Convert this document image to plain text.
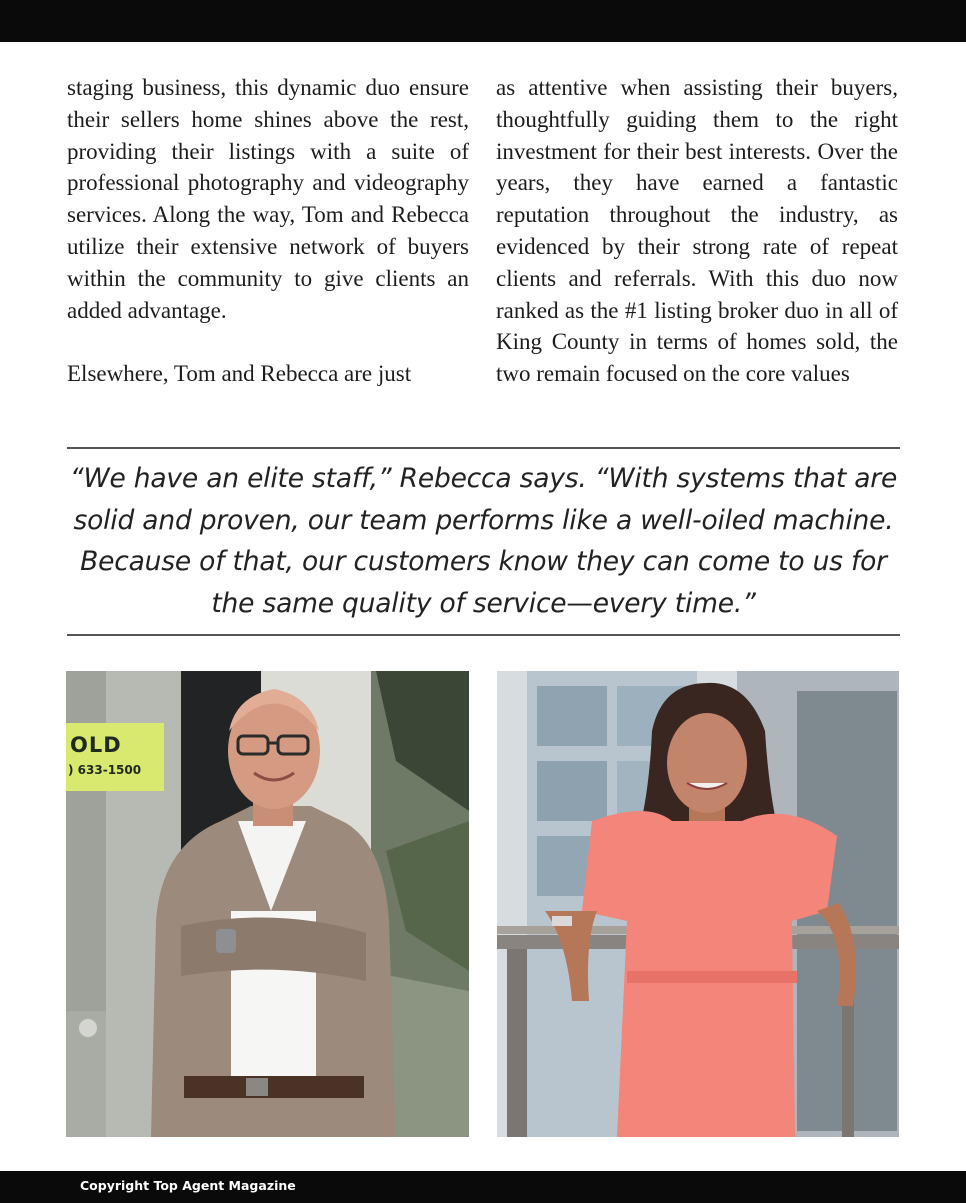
staging business, this dynamic duo ensure their sellers home shines above the rest, providing their listings with a suite of professional photography and videography services. Along the way, Tom and Rebecca utilize their extensive network of buyers within the community to give clients an added advantage.

Elsewhere, Tom and Rebecca are just

as attentive when assisting their buyers, thoughtfully guiding them to the right investment for their best interests. Over the years, they have earned a fantastic reputation throughout the industry, as evidenced by their strong rate of repeat clients and referrals. With this duo now ranked as the #1 listing broker duo in all of King County in terms of homes sold, the two remain focused on the core values

“We have an elite staff,” Rebecca says. “With systems that are solid and proven, our team performs like a well-oiled machine. Because of that, our customers know they can come to us for the same quality of service—every time.”
OLD
) 633-1500
Copyright Top Agent Magazine
